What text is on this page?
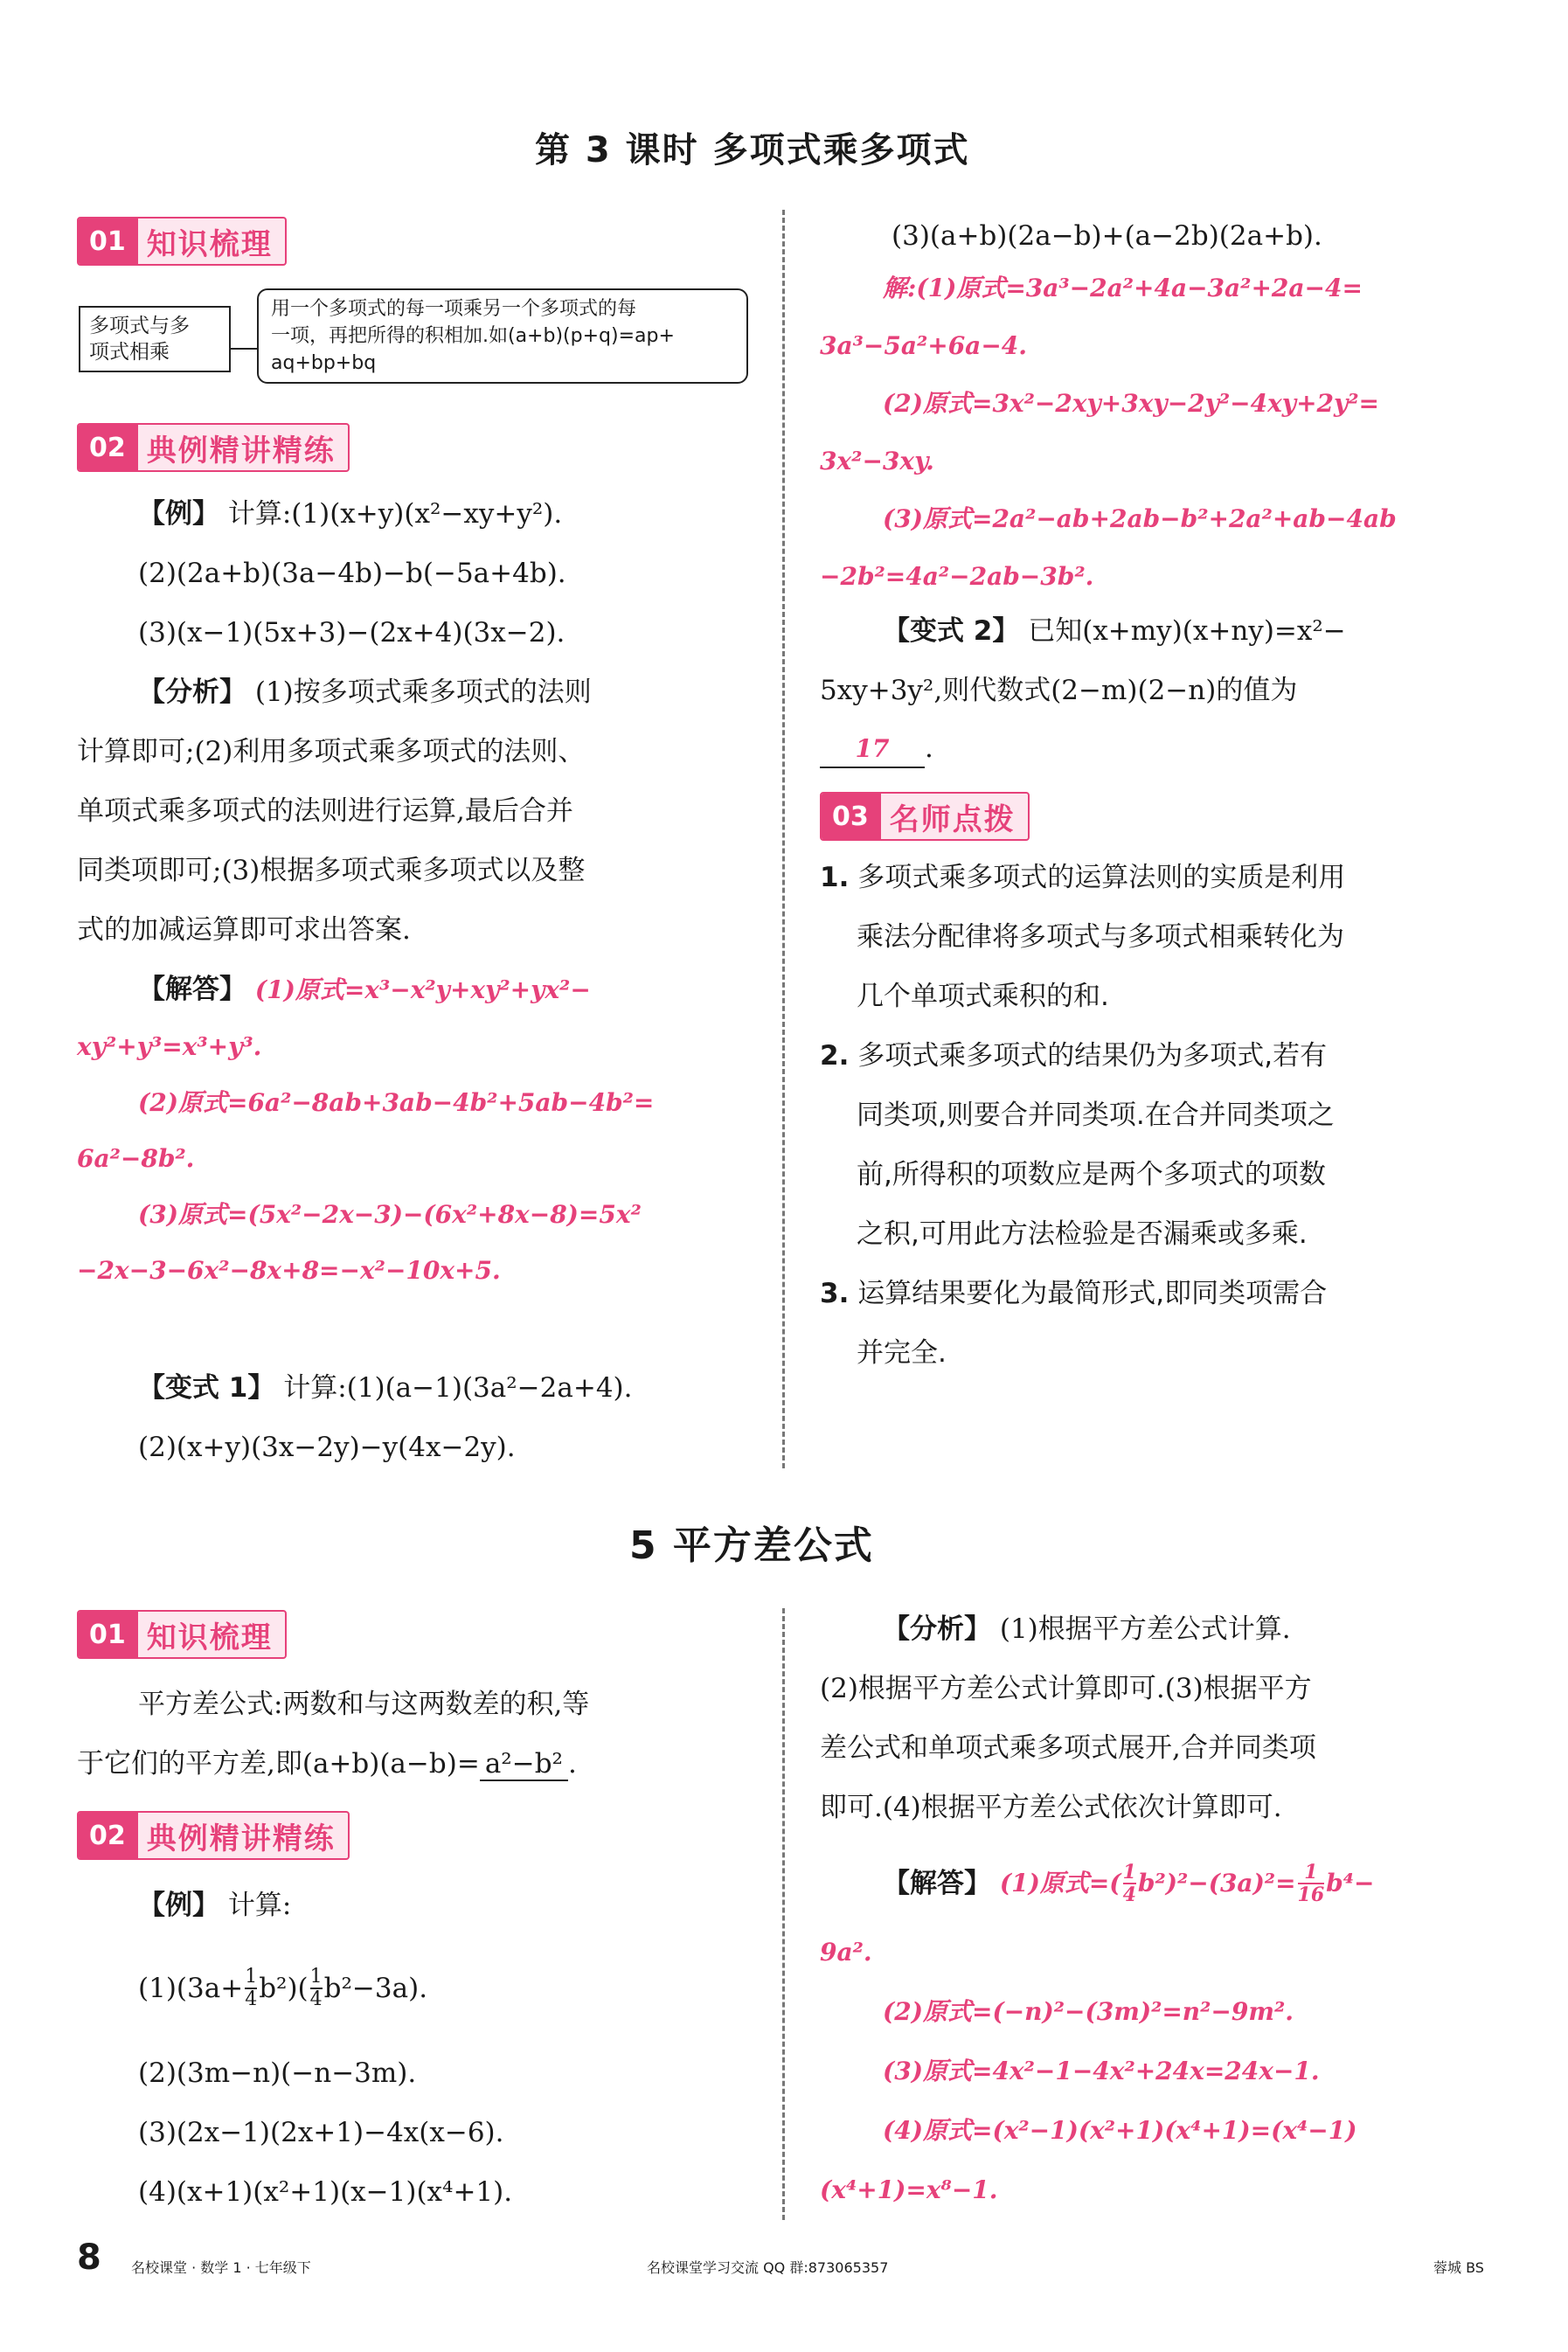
第 3 课时 多项式乘多项式
01 知识梳理
多项式与多
项式相乘
用一个多项式的每一项乘另一个多项式的每
一项，再把所得的积相加.如(a+b)(p+q)=ap+
aq+bp+bq
02 典例精讲精练
【例】 计算:(1)(x+y)(x²−xy+y²).
(2)(2a+b)(3a−4b)−b(−5a+4b).
(3)(x−1)(5x+3)−(2x+4)(3x−2).
【分析】 (1)按多项式乘多项式的法则
计算即可;(2)利用多项式乘多项式的法则、
单项式乘多项式的法则进行运算,最后合并
同类项即可;(3)根据多项式乘多项式以及整
式的加减运算即可求出答案.
【解答】 (1)原式=x³−x²y+xy²+yx²−
xy²+y³=x³+y³.
(2)原式=6a²−8ab+3ab−4b²+5ab−4b²=
6a²−8b².
(3)原式=(5x²−2x−3)−(6x²+8x−8)=5x²
−2x−3−6x²−8x+8=−x²−10x+5.
【变式 1】 计算:(1)(a−1)(3a²−2a+4).
(2)(x+y)(3x−2y)−y(4x−2y).
(3)(a+b)(2a−b)+(a−2b)(2a+b).
解:(1)原式=3a³−2a²+4a−3a²+2a−4=
3a³−5a²+6a−4.
(2)原式=3x²−2xy+3xy−2y²−4xy+2y²=
3x²−3xy.
(3)原式=2a²−ab+2ab−b²+2a²+ab−4ab
−2b²=4a²−2ab−3b².
【变式 2】 已知(x+my)(x+ny)=x²−
5xy+3y²,则代数式(2−m)(2−n)的值为
17 .
03 名师点拨
1. 多项式乘多项式的运算法则的实质是利用
乘法分配律将多项式与多项式相乘转化为
几个单项式乘积的和.
2. 多项式乘多项式的结果仍为多项式,若有
同类项,则要合并同类项.在合并同类项之
前,所得积的项数应是两个多项式的项数
之积,可用此方法检验是否漏乘或多乘.
3. 运算结果要化为最简形式,即同类项需合
并完全.
5 平方差公式
01 知识梳理
平方差公式:两数和与这两数差的积,等
于它们的平方差,即(a+b)(a−b)= a²−b² .
02 典例精讲精练
【例】 计算:
$(1)(3a+ \frac{1}{4} b^2)( \frac{1}{4} b^2-3a)$.
(2)(3m−n)(−n−3m).
(3)(2x−1)(2x+1)−4x(x−6).
(4)(x+1)(x²+1)(x−1)(x⁴+1).
【分析】 (1)根据平方差公式计算.
(2)根据平方差公式计算即可.(3)根据平方
差公式和单项式乘多项式展开,合并同类项
即可.(4)根据平方差公式依次计算即可.
【解答】
(1)原式=( $\frac{1}{4} b^2)^2-(3a)^2= \frac{1}{16} b^4-$
9a².
(2)原式=(−n)²−(3m)²=n²−9m².
(3)原式=4x²−1−4x²+24x=24x−1.
(4)原式=(x²−1)(x²+1)(x⁴+1)=(x⁴−1)
(x⁴+1)=x⁸−1.
8 名校课堂 · 数学 1 · 七年级下	名校课堂学习交流 QQ 群:873065357	蓉城 BS
